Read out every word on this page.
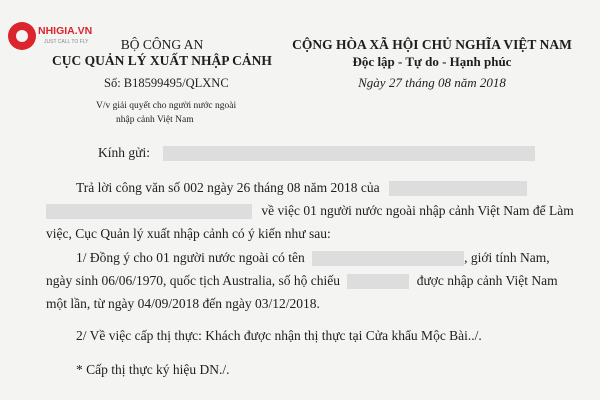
NHIGIA.VN
JUST CALL TO FLY	BỘ CÔNG AN
CỤC QUẢN LÝ XUẤT NHẬP CẢNH
Số: B18599495/QLXNC
V/v giải quyết cho người nước ngoài
nhập cảnh Việt Nam
CỘNG HÒA XÃ HỘI CHỦ NGHĨA VIỆT NAM
Độc lập - Tự do - Hạnh phúc
Ngày 27 tháng 08 năm 2018
Kính gửi:
Trả lời công văn số 002 ngày 26 tháng 08 năm 2018 của
về việc 01 người nước ngoài nhập cảnh Việt Nam để Làm
việc, Cục Quản lý xuất nhập cảnh có ý kiến như sau:
1/ Đồng ý cho 01 người nước ngoài có tên	, giới tính Nam,
ngày sinh 06/06/1970, quốc tịch Australia, số hộ chiếu	được nhập cảnh Việt Nam
một lần, từ ngày 04/09/2018 đến ngày 03/12/2018.
2/ Về việc cấp thị thực: Khách được nhận thị thực tại Cửa khẩu Mộc Bài../.
* Cấp thị thực ký hiệu DN./.
